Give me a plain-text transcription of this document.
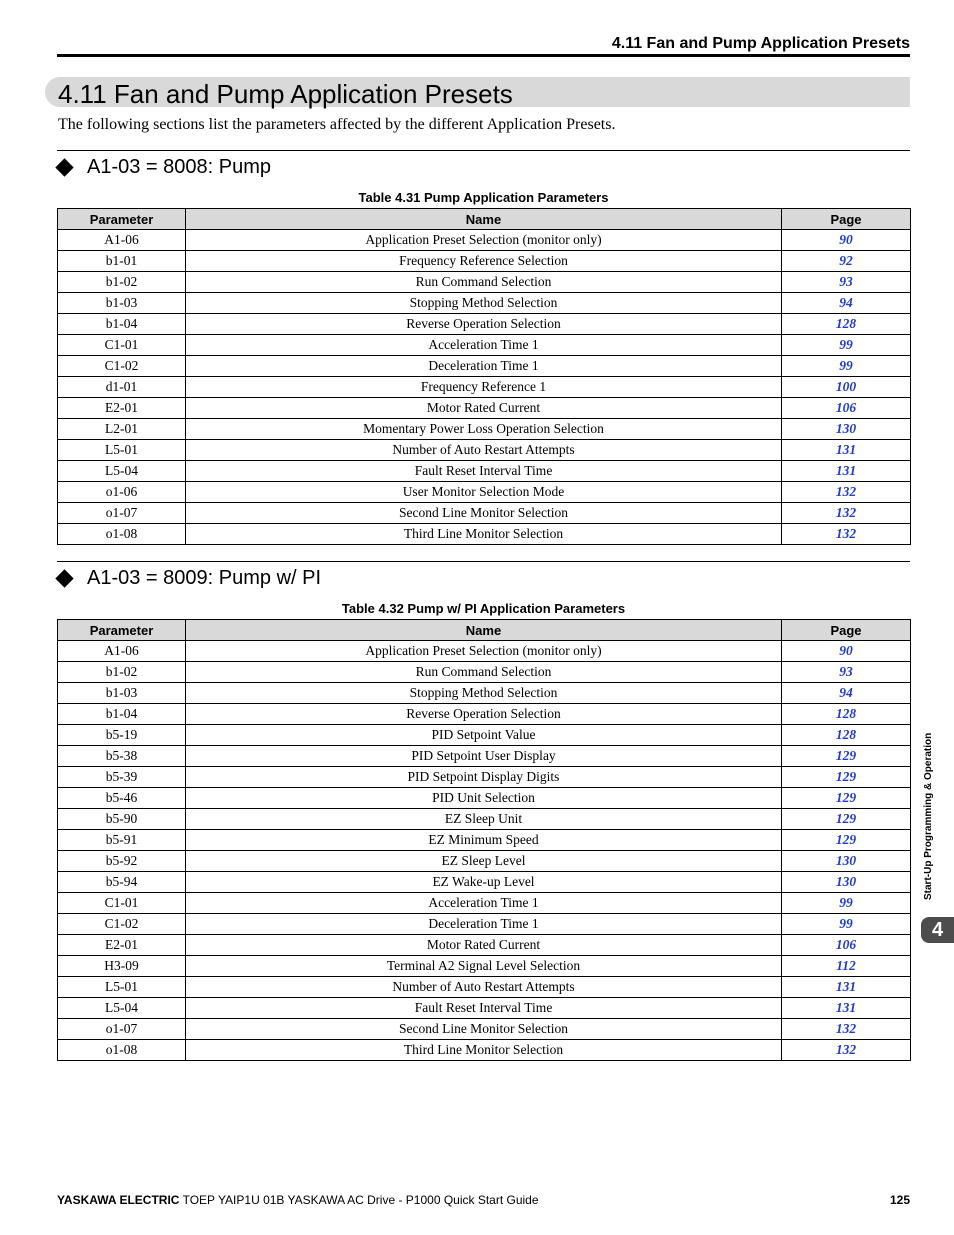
4.11 Fan and Pump Application Presets
4.11 Fan and Pump Application Presets
The following sections list the parameters affected by the different Application Presets.
A1-03 = 8008: Pump
Table 4.31 Pump Application Parameters
Parameter	Name	Page
A1-06	Application Preset Selection (monitor only)	90
b1-01	Frequency Reference Selection	92
b1-02	Run Command Selection	93
b1-03	Stopping Method Selection	94
b1-04	Reverse Operation Selection	128
C1-01	Acceleration Time 1	99
C1-02	Deceleration Time 1	99
d1-01	Frequency Reference 1	100
E2-01	Motor Rated Current	106
L2-01	Momentary Power Loss Operation Selection	130
L5-01	Number of Auto Restart Attempts	131
L5-04	Fault Reset Interval Time	131
o1-06	User Monitor Selection Mode	132
o1-07	Second Line Monitor Selection	132
o1-08	Third Line Monitor Selection	132
A1-03 = 8009: Pump w/ PI
Table 4.32 Pump w/ PI Application Parameters
Parameter	Name	Page
A1-06	Application Preset Selection (monitor only)	90
b1-02	Run Command Selection	93
b1-03	Stopping Method Selection	94
b1-04	Reverse Operation Selection	128
b5-19	PID Setpoint Value	128
b5-38	PID Setpoint User Display	129
b5-39	PID Setpoint Display Digits	129
b5-46	PID Unit Selection	129
b5-90	EZ Sleep Unit	129
b5-91	EZ Minimum Speed	129
b5-92	EZ Sleep Level	130
b5-94	EZ Wake-up Level	130
C1-01	Acceleration Time 1	99
C1-02	Deceleration Time 1	99
E2-01	Motor Rated Current	106
H3-09	Terminal A2 Signal Level Selection	112
L5-01	Number of Auto Restart Attempts	131
L5-04	Fault Reset Interval Time	131
o1-07	Second Line Monitor Selection	132
o1-08	Third Line Monitor Selection	132
Start-Up Programming & Operation
4
YASKAWA ELECTRIC TOEP YAIP1U 01B YASKAWA AC Drive - P1000 Quick Start Guide	125
